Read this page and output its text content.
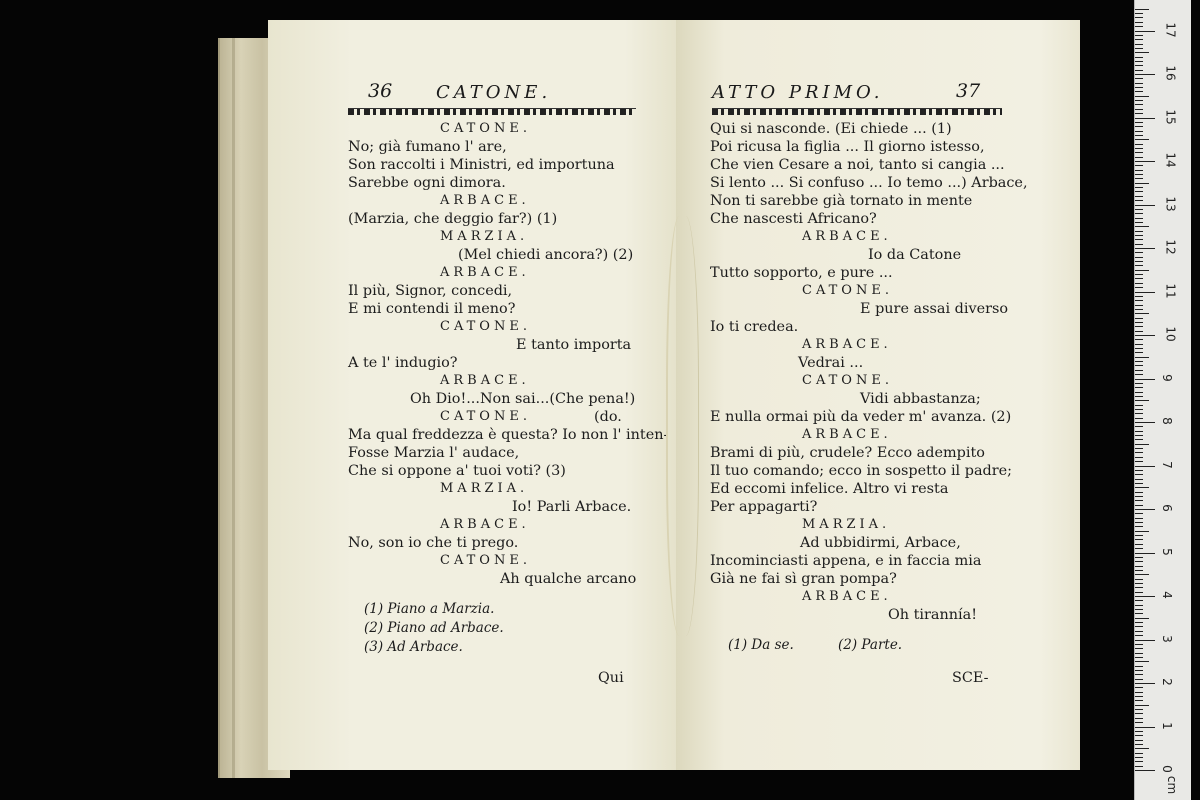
36 CATONE.
CATONE.
No; già fumano l' are,
Son raccolti i Ministri, ed importuna
Sarebbe ogni dimora.
ARBACE.
(Marzia, che deggio far?) (1)
MARZIA.
(Mel chiedi ancora?) (2)
ARBACE.
Il più, Signor, concedi,
E mi contendi il meno?
CATONE.
E tanto importa
A te l' indugio?
ARBACE.
Oh Dio!...Non sai...(Che pena!)
CATONE.	(do.
Ma qual freddezza è questa? Io non l' inten-
Fosse Marzia l' audace,
Che si oppone a' tuoi voti? (3)
MARZIA.
Io! Parli Arbace.
ARBACE.
No, son io che ti prego.
CATONE.
Ah qualche arcano
(1) Piano a Marzia.
(2) Piano ad Arbace.
(3) Ad Arbace.
Qui
ATTO PRIMO.	37
Qui si nasconde. (Ei chiede ... (1)
Poi ricusa la figlia ... Il giorno istesso,
Che vien Cesare a noi, tanto si cangia ...
Si lento ... Si confuso ... Io temo ...) Arbace,
Non ti sarebbe già tornato in mente
Che nascesti Africano?
ARBACE.
Io da Catone
Tutto sopporto, e pure ...
CATONE.
E pure assai diverso
Io ti credea.
ARBACE.
Vedrai ...
CATONE.
Vidi abbastanza;
E nulla ormai più da veder m' avanza. (2)
ARBACE.
Brami di più, crudele? Ecco adempito
Il tuo comando; ecco in sospetto il padre;
Ed eccomi infelice. Altro vi resta
Per appagarti?
MARZIA.
Ad ubbidirmi, Arbace,
Incominciasti appena, e in faccia mia
Già ne fai sì gran pompa?
ARBACE.
Oh tirannía!
(1) Da se.	(2) Parte.
SCE-
0
1
2
3
4
5
6
7
8
9
10
11
12
13
14
15
16
17
cm
